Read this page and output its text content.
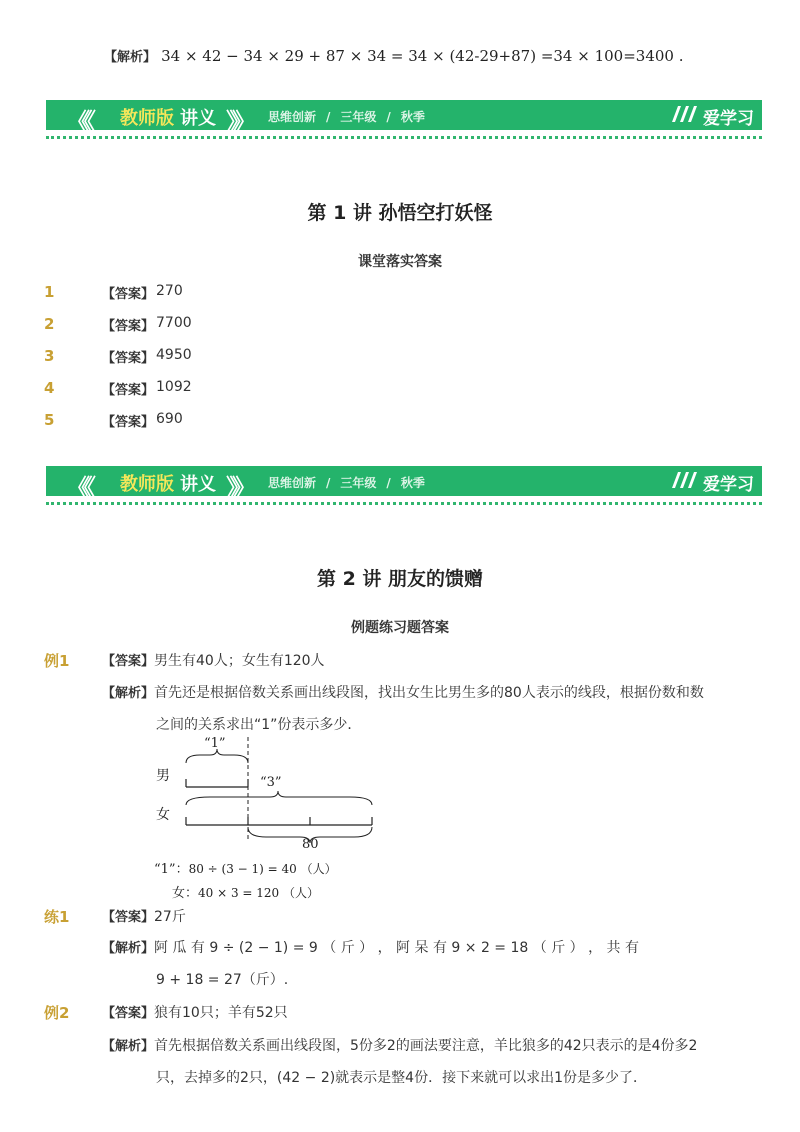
【解析】 34 × 42 − 34 × 29 + 87 × 34 = 34 × (42-29+87) =34 × 100=3400 .
《《 教师版 讲义 》》 思维创新 / 三年级 / 秋季	爱学习
第 1 讲 孙悟空打妖怪
课堂落实答案
1	【答案】 270
2	【答案】 7700
3	【答案】 4950
4	【答案】 1092
5	【答案】 690
《《 教师版 讲义 》》 思维创新 / 三年级 / 秋季	爱学习
第 2 讲 朋友的馈赠
例题练习题答案
例1	【答案】男生有40人；女生有120人
【解析】首先还是根据倍数关系画出线段图，找出女生比男生多的80人表示的线段，根据份数和数
之间的关系求出“1”份表示多少．
“1”
“3”
男
女
80
“1”：80 ÷ (3 − 1) = 40 （人）
女：40 × 3 = 120 （人）
练1	【答案】27斤
【解析】阿 瓜 有 9 ÷ (2 − 1) = 9 （ 斤 ） ， 阿 呆 有 9 × 2 = 18 （ 斤 ） ， 共 有
9 + 18 = 27（斤）.
例2	【答案】狼有10只；羊有52只
【解析】首先根据倍数关系画出线段图，5份多2的画法要注意，羊比狼多的42只表示的是4份多2
只，去掉多的2只，(42 − 2)就表示是整4份．接下来就可以求出1份是多少了．
